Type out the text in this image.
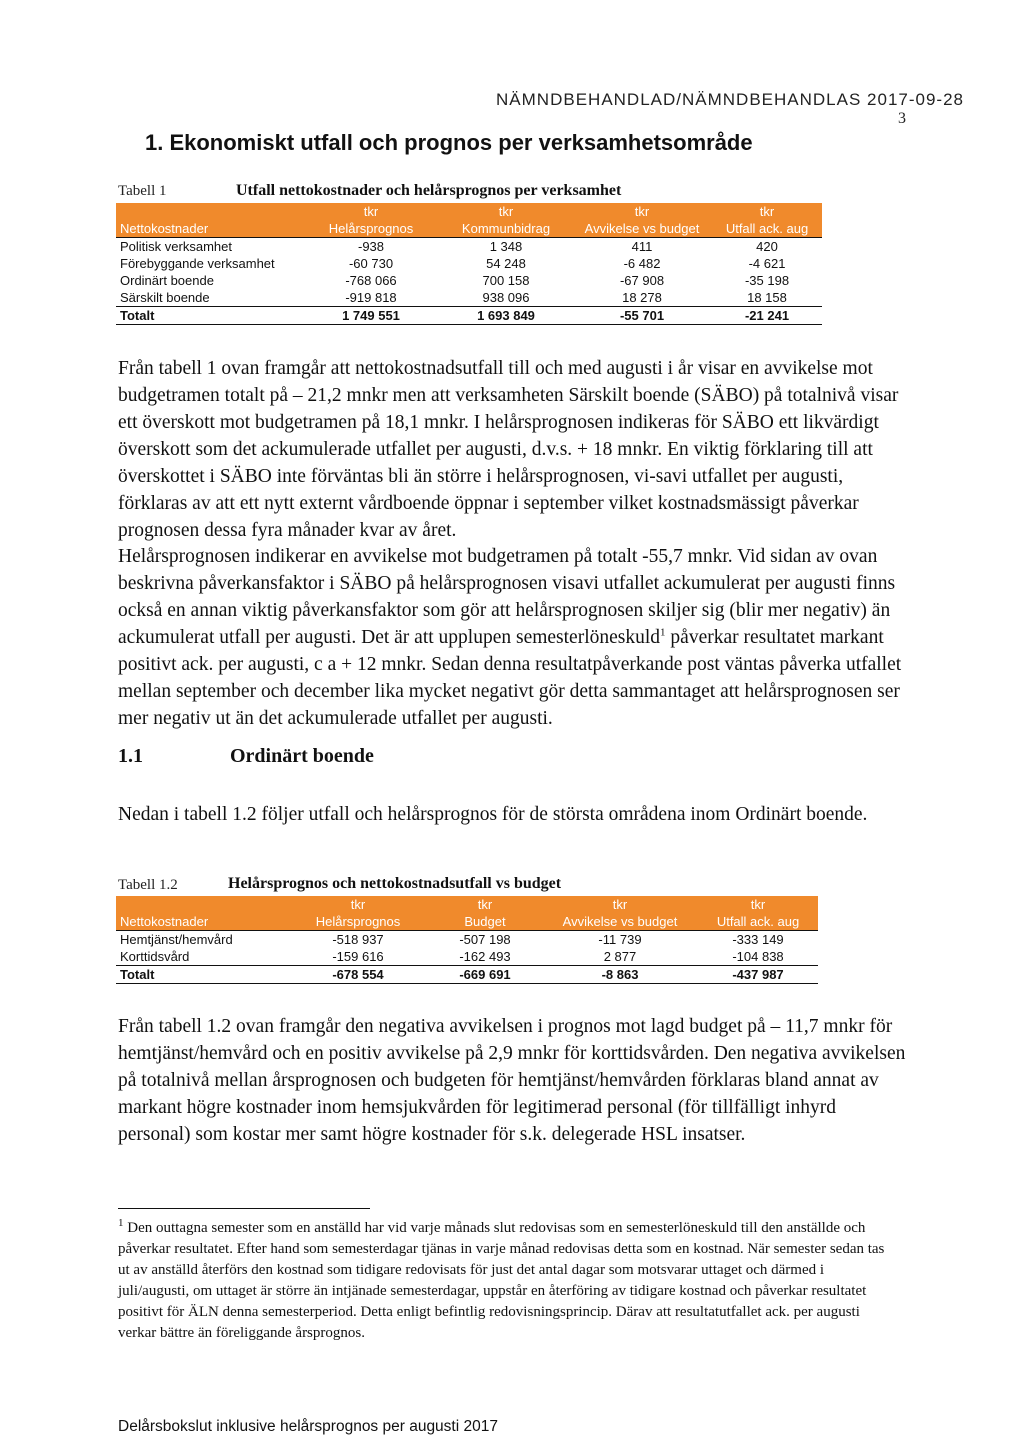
NÄMNDBEHANDLAD/NÄMNDBEHANDLAS 2017-09-28
3
1. Ekonomiskt utfall och prognos per verksamhetsområde
Tabell 1	Utfall nettokostnader och helårsprognos per verksamhet
	tkr	tkr	tkr	tkr
Nettokostnader	Helårsprognos	Kommunbidrag	Avvikelse vs budget	Utfall ack. aug
Politisk verksamhet	-938	1 348	411	420
Förebyggande verksamhet	-60 730	54 248	-6 482	-4 621
Ordinärt boende	-768 066	700 158	-67 908	-35 198
Särskilt boende	-919 818	938 096	18 278	18 158
Totalt	1 749 551	1 693 849	-55 701	-21 241

Från tabell 1 ovan framgår att nettokostnadsutfall till och med augusti i år visar en avvikelse mot budgetramen totalt på – 21,2 mnkr men att verksamheten Särskilt boende (SÄBO) på totalnivå visar ett överskott mot budgetramen på 18,1 mnkr. I helårsprognosen indikeras för SÄBO ett likvärdigt överskott som det ackumulerade utfallet per augusti, d.v.s. + 18 mnkr. En viktig förklaring till att överskottet i SÄBO inte förväntas bli än större i helårsprognosen, vi-savi utfallet per augusti, förklaras av att ett nytt externt vårdboende öppnar i september vilket kostnadsmässigt påverkar prognosen dessa fyra månader kvar av året.

Helårsprognosen indikerar en avvikelse mot budgetramen på totalt -55,7 mnkr. Vid sidan av ovan beskrivna påverkansfaktor i SÄBO på helårsprognosen visavi utfallet ackumulerat per augusti finns också en annan viktig påverkansfaktor som gör att helårsprognosen skiljer sig (blir mer negativ) än ackumulerat utfall per augusti. Det är att upplupen semesterlöneskuld$^1$ påverkar resultatet markant positivt ack. per augusti, c a + 12 mnkr. Sedan denna resultatpåverkande post väntas påverka utfallet mellan september och december lika mycket negativt gör detta sammantaget att helårsprognosen ser mer negativ ut än det ackumulerade utfallet per augusti.

1.1	Ordinärt boende

Nedan i tabell 1.2 följer utfall och helårsprognos för de största områdena inom Ordinärt boende.

Tabell 1.2	Helårsprognos och nettokostnadsutfall vs budget
	tkr	tkr	tkr	tkr
Nettokostnader	Helårsprognos	Budget	Avvikelse vs budget	Utfall ack. aug
Hemtjänst/hemvård	-518 937	-507 198	-11 739	-333 149
Korttidsvård	-159 616	-162 493	2 877	-104 838
Totalt	-678 554	-669 691	-8 863	-437 987

Från tabell 1.2 ovan framgår den negativa avvikelsen i prognos mot lagd budget på – 11,7 mnkr för hemtjänst/hemvård och en positiv avvikelse på 2,9 mnkr för korttidsvården. Den negativa avvikelsen på totalnivå mellan årsprognosen och budgeten för hemtjänst/hemvården förklaras bland annat av markant högre kostnader inom hemsjukvården för legitimerad personal (för tillfälligt inhyrd personal) som kostar mer samt högre kostnader för s.k. delegerade HSL insatser.

$^1$ Den outtagna semester som en anställd har vid varje månads slut redovisas som en semesterlöneskuld till den anställde och påverkar resultatet. Efter hand som semesterdagar tjänas in varje månad redovisas detta som en kostnad. När semester sedan tas ut av anställd återförs den kostnad som tidigare redovisats för just det antal dagar som motsvarar uttaget och därmed i juli/augusti, om uttaget är större än intjänade semesterdagar, uppstår en återföring av tidigare kostnad och påverkar resultatet positivt för ÄLN denna semesterperiod. Detta enligt befintlig redovisningsprincip. Därav att resultatutfallet ack. per augusti verkar bättre än föreliggande årsprognos.

Delårsbokslut inklusive helårsprognos per augusti 2017
